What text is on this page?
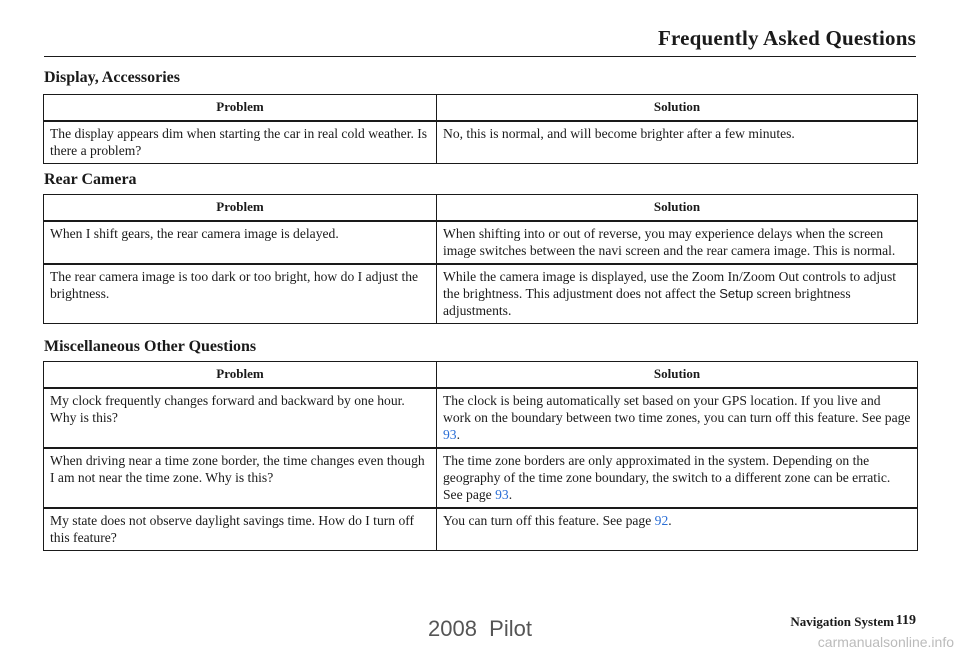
Frequently Asked Questions
Display, Accessories
Problem	Solution
The display appears dim when starting the car in real cold weather. Is there a problem?	No, this is normal, and will become brighter after a few minutes.
Rear Camera
Problem	Solution
When I shift gears, the rear camera image is delayed.	When shifting into or out of reverse, you may experience delays when the screen image switches between the navi screen and the rear camera image. This is normal.
The rear camera image is too dark or too bright, how do I adjust the brightness.	While the camera image is displayed, use the Zoom In/Zoom Out controls to adjust the brightness. This adjustment does not affect the Setup screen brightness adjustments.
Miscellaneous Other Questions
Problem	Solution
My clock frequently changes forward and backward by one hour. Why is this?	The clock is being automatically set based on your GPS location. If you live and work on the boundary between two time zones, you can turn off this feature. See page 93.
When driving near a time zone border, the time changes even though I am not near the time zone. Why is this?	The time zone borders are only approximated in the system. Depending on the geography of the time zone boundary, the switch to a different zone can be erratic. See page 93.
My state does not observe daylight savings time. How do I turn off this feature?	You can turn off this feature. See page 92.
Navigation System 119
2008  Pilot
carmanualsonline.info
